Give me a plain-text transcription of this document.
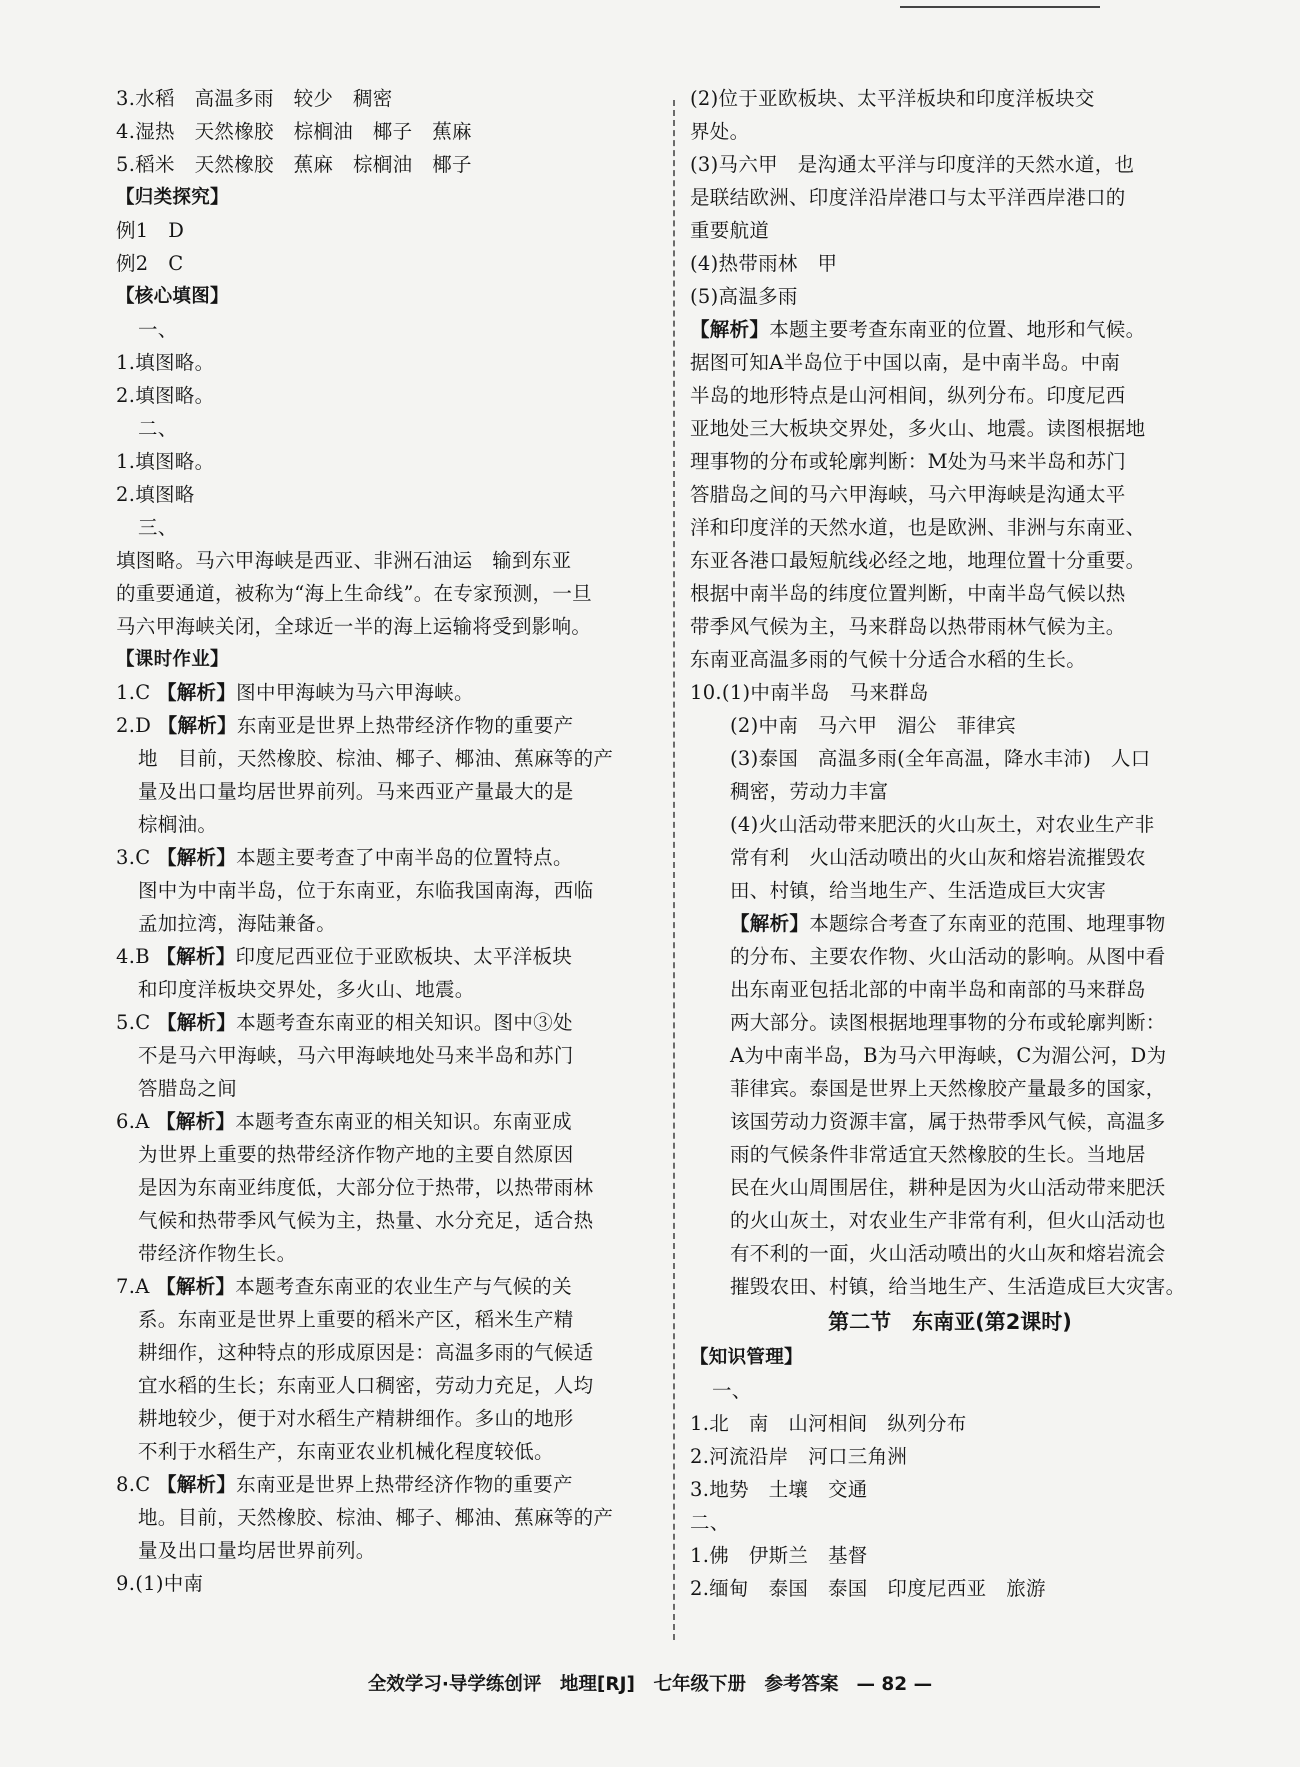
3.水稻　高温多雨　较少　稠密
4.湿热　天然橡胶　棕榈油　椰子　蕉麻
5.稻米　天然橡胶　蕉麻　棕榈油　椰子
【归类探究】
例1　D
例2　C
【核心填图】
一、
1.填图略。
2.填图略。
二、
1.填图略。
2.填图略
三、
填图略。马六甲海峡是西亚、非洲石油运　输到东亚
的重要通道，被称为“海上生命线”。在专家预测，一旦
马六甲海峡关闭，全球近一半的海上运输将受到影响。
【课时作业】
1.C 【解析】图中甲海峡为马六甲海峡。
2.D 【解析】东南亚是世界上热带经济作物的重要产
地　目前，天然橡胶、棕油、椰子、椰油、蕉麻等的产
量及出口量均居世界前列。马来西亚产量最大的是
棕榈油。
3.C 【解析】本题主要考查了中南半岛的位置特点。
图中为中南半岛，位于东南亚，东临我国南海，西临
孟加拉湾，海陆兼备。
4.B 【解析】印度尼西亚位于亚欧板块、太平洋板块
和印度洋板块交界处，多火山、地震。
5.C 【解析】本题考查东南亚的相关知识。图中③处
不是马六甲海峡，马六甲海峡地处马来半岛和苏门
答腊岛之间
6.A 【解析】本题考查东南亚的相关知识。东南亚成
为世界上重要的热带经济作物产地的主要自然原因
是因为东南亚纬度低，大部分位于热带，以热带雨林
气候和热带季风气候为主，热量、水分充足，适合热
带经济作物生长。
7.A 【解析】本题考查东南亚的农业生产与气候的关
系。东南亚是世界上重要的稻米产区，稻米生产精
耕细作，这种特点的形成原因是：高温多雨的气候适
宜水稻的生长；东南亚人口稠密，劳动力充足，人均
耕地较少，便于对水稻生产精耕细作。多山的地形
不利于水稻生产，东南亚农业机械化程度较低。
8.C 【解析】东南亚是世界上热带经济作物的重要产
地。目前，天然橡胶、棕油、椰子、椰油、蕉麻等的产
量及出口量均居世界前列。
9.(1)中南
(2)位于亚欧板块、太平洋板块和印度洋板块交
界处。
(3)马六甲　是沟通太平洋与印度洋的天然水道，也
是联结欧洲、印度洋沿岸港口与太平洋西岸港口的
重要航道
(4)热带雨林　甲
(5)高温多雨
【解析】本题主要考查东南亚的位置、地形和气候。
据图可知A半岛位于中国以南，是中南半岛。中南
半岛的地形特点是山河相间，纵列分布。印度尼西
亚地处三大板块交界处，多火山、地震。读图根据地
理事物的分布或轮廓判断：M处为马来半岛和苏门
答腊岛之间的马六甲海峡，马六甲海峡是沟通太平
洋和印度洋的天然水道，也是欧洲、非洲与东南亚、
东亚各港口最短航线必经之地，地理位置十分重要。
根据中南半岛的纬度位置判断，中南半岛气候以热
带季风气候为主，马来群岛以热带雨林气候为主。
东南亚高温多雨的气候十分适合水稻的生长。
10.(1)中南半岛　马来群岛
(2)中南　马六甲　湄公　菲律宾
(3)泰国　高温多雨(全年高温，降水丰沛)　人口
稠密，劳动力丰富
(4)火山活动带来肥沃的火山灰土，对农业生产非
常有利　火山活动喷出的火山灰和熔岩流摧毁农
田、村镇，给当地生产、生活造成巨大灾害
【解析】本题综合考查了东南亚的范围、地理事物
的分布、主要农作物、火山活动的影响。从图中看
出东南亚包括北部的中南半岛和南部的马来群岛
两大部分。读图根据地理事物的分布或轮廓判断：
A为中南半岛，B为马六甲海峡，C为湄公河，D为
菲律宾。泰国是世界上天然橡胶产量最多的国家，
该国劳动力资源丰富，属于热带季风气候，高温多
雨的气候条件非常适宜天然橡胶的生长。当地居
民在火山周围居住，耕种是因为火山活动带来肥沃
的火山灰土，对农业生产非常有利，但火山活动也
有不利的一面，火山活动喷出的火山灰和熔岩流会
摧毁农田、村镇，给当地生产、生活造成巨大灾害。
第二节　东南亚(第2课时)
【知识管理】
一、
1.北　南　山河相间　纵列分布
2.河流沿岸　河口三角洲
3.地势　土壤　交通
二、
1.佛　伊斯兰　基督
2.缅甸　泰国　泰国　印度尼西亚　旅游
全效学习·导学练创评　地理[RJ]　七年级下册　参考答案 — 82 —
